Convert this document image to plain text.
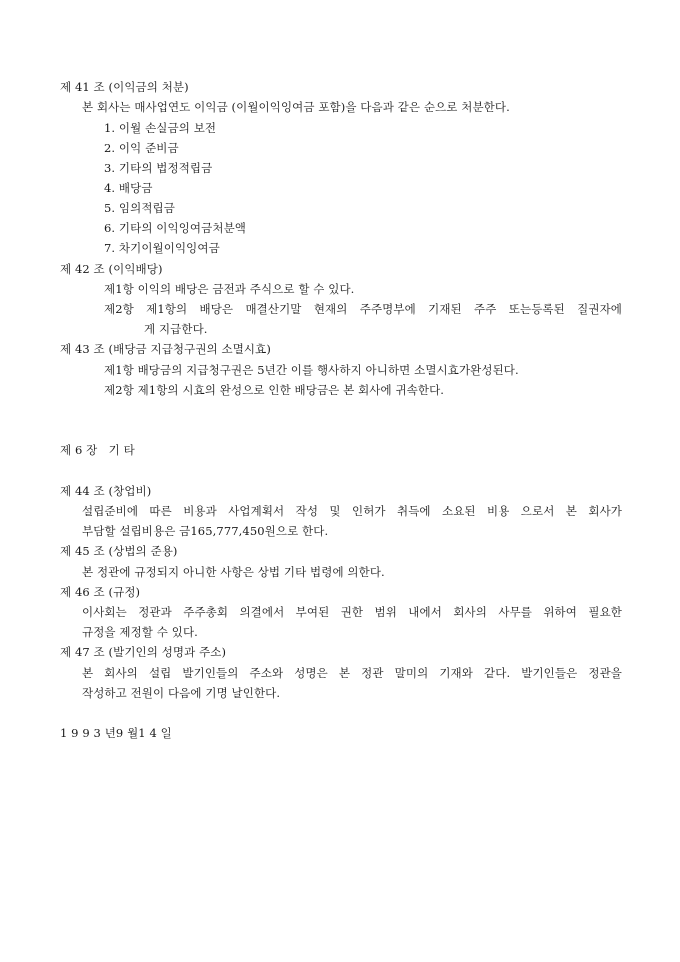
제 41 조 (이익금의 처분)
본 회사는 매사업연도 이익금 (이월이익잉여금 포함)을 다음과 같은 순으로 처분한다.
1. 이월 손실금의 보전
2. 이익 준비금
3. 기타의 법정적립금
4. 배당금
5. 임의적립금
6. 기타의 이익잉여금처분액
7. 차기이월이익잉여금
제 42 조 (이익배당)
제1항 이익의 배당은 금전과 주식으로 할 수 있다.
제2항 제1항의 배당은 매결산기말 현재의 주주명부에 기재된 주주 또는등록된 질권자에
게 지급한다.
제 43 조 (배당금 지급청구권의 소멸시효)
제1항 배당금의 지급청구권은 5년간 이를 행사하지 아니하면 소멸시효가완성된다.
제2항 제1항의 시효의 완성으로 인한 배당금은 본 회사에 귀속한다.
제 6 장   기 타
제 44 조 (창업비)
설립준비에 따른 비용과 사업계획서 작성 및 인허가 취득에 소요된 비용 으로서 본 회사가
부담할 설립비용은 금165,777,450원으로 한다.
제 45 조 (상법의 준용)
본 정관에 규정되지 아니한 사항은 상법 기타 법령에 의한다.
제 46 조 (규정)
이사회는 정관과 주주총회 의결에서 부여된 권한 범위 내에서 회사의 사무를 위하여 필요한
규정을 제정할 수 있다.
제 47 조 (발기인의 성명과 주소)
본 회사의 설립 발기인들의 주소와 성명은 본 정관 말미의 기재와 같다. 발기인들은 정관을
작성하고 전원이 다음에 기명 날인한다.
1 9 9 3 년9 월1 4 일
